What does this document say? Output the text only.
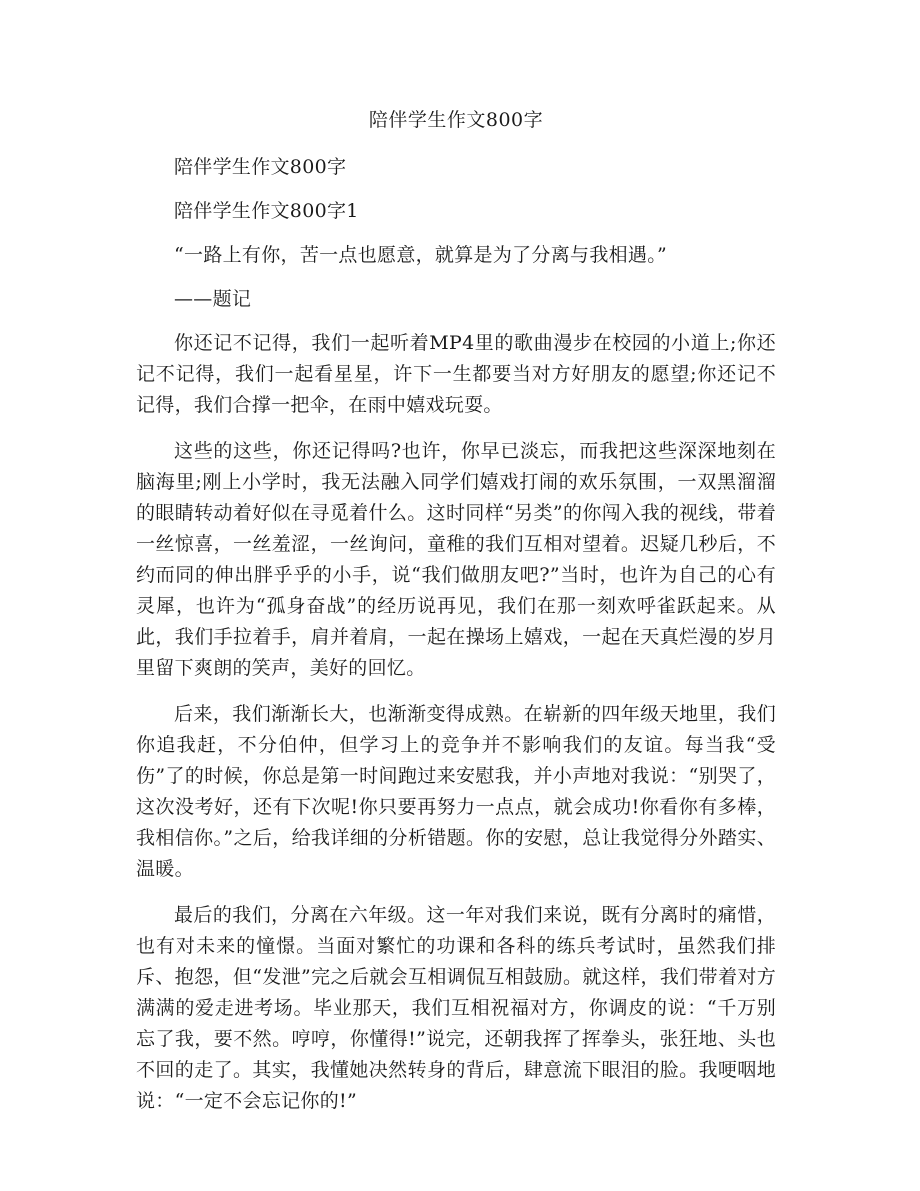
陪伴学生作文800字

陪伴学生作文800字

陪伴学生作文800字1

“一路上有你，苦一点也愿意，就算是为了分离与我相遇。”

——题记

你还记不记得，我们一起听着MP4里的歌曲漫步在校园的小道上;你还记不记得，我们一起看星星，许下一生都要当对方好朋友的愿望;你还记不记得，我们合撑一把伞，在雨中嬉戏玩耍。

这些的这些，你还记得吗?也许，你早已淡忘，而我把这些深深地刻在脑海里;刚上小学时，我无法融入同学们嬉戏打闹的欢乐氛围，一双黑溜溜的眼睛转动着好似在寻觅着什么。这时同样“另类”的你闯入我的视线，带着一丝惊喜，一丝羞涩，一丝询问，童稚的我们互相对望着。迟疑几秒后，不约而同的伸出胖乎乎的小手，说“我们做朋友吧?”当时，也许为自己的心有灵犀，也许为“孤身奋战”的经历说再见，我们在那一刻欢呼雀跃起来。从此，我们手拉着手，肩并着肩，一起在操场上嬉戏，一起在天真烂漫的岁月里留下爽朗的笑声，美好的回忆。

后来，我们渐渐长大，也渐渐变得成熟。在崭新的四年级天地里，我们你追我赶，不分伯仲，但学习上的竞争并不影响我们的友谊。每当我“受伤”了的时候，你总是第一时间跑过来安慰我，并小声地对我说：“别哭了，这次没考好，还有下次呢!你只要再努力一点点，就会成功!你看你有多棒，我相信你。”之后，给我详细的分析错题。你的安慰，总让我觉得分外踏实、温暖。

最后的我们，分离在六年级。这一年对我们来说，既有分离时的痛惜，也有对未来的憧憬。当面对繁忙的功课和各科的练兵考试时，虽然我们排斥、抱怨，但“发泄”完之后就会互相调侃互相鼓励。就这样，我们带着对方满满的爱走进考场。毕业那天，我们互相祝福对方，你调皮的说：“千万别忘了我，要不然。哼哼，你懂得!”说完，还朝我挥了挥拳头，张狂地、头也不回的走了。其实，我懂她决然转身的背后，肆意流下眼泪的脸。我哽咽地说：“一定不会忘记你的!”
